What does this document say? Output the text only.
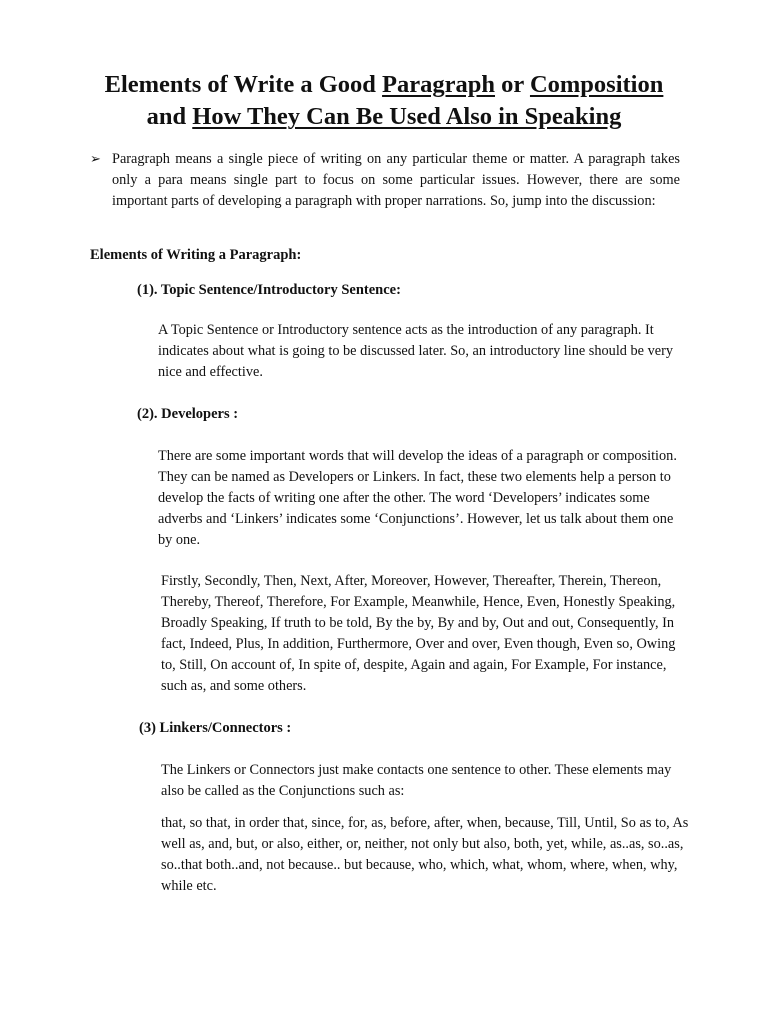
Elements of Write a Good Paragraph or Composition
and How They Can Be Used Also in Speaking
➢ Paragraph means a single piece of writing on any particular theme or matter. A paragraph takes only a para means single part to focus on some particular issues. However, there are some important parts of developing a paragraph with proper narrations. So, jump into the discussion:

Elements of Writing a Paragraph:
(1). Topic Sentence/Introductory Sentence:

A Topic Sentence or Introductory sentence acts as the introduction of any paragraph. It indicates about what is going to be discussed later. So, an introductory line should be very nice and effective.

(2). Developers :

There are some important words that will develop the ideas of a paragraph or composition. They can be named as Developers or Linkers. In fact, these two elements help a person to develop the facts of writing one after the other. The word ‘Developers’ indicates some adverbs and ‘Linkers’ indicates some ‘Conjunctions’. However, let us talk about them one by one.

Firstly, Secondly, Then, Next, After, Moreover, However, Thereafter, Therein, Thereon, Thereby, Thereof, Therefore, For Example, Meanwhile, Hence, Even, Honestly Speaking, Broadly Speaking, If truth to be told, By the by, By and by, Out and out, Consequently, In fact, Indeed, Plus, In addition, Furthermore, Over and over, Even though, Even so, Owing to, Still, On account of, In spite of, despite, Again and again, For Example, For instance, such as, and some others.

(3) Linkers/Connectors :

The Linkers or Connectors just make contacts one sentence to other. These elements may also be called as the Conjunctions such as:

that, so that, in order that, since, for, as, before, after, when, because, Till, Until, So as to, As well as, and, but, or also, either, or, neither, not only but also, both, yet, while, as..as, so..as, so..that both..and, not because.. but because, who, which, what, whom, where, when, why, while etc.
